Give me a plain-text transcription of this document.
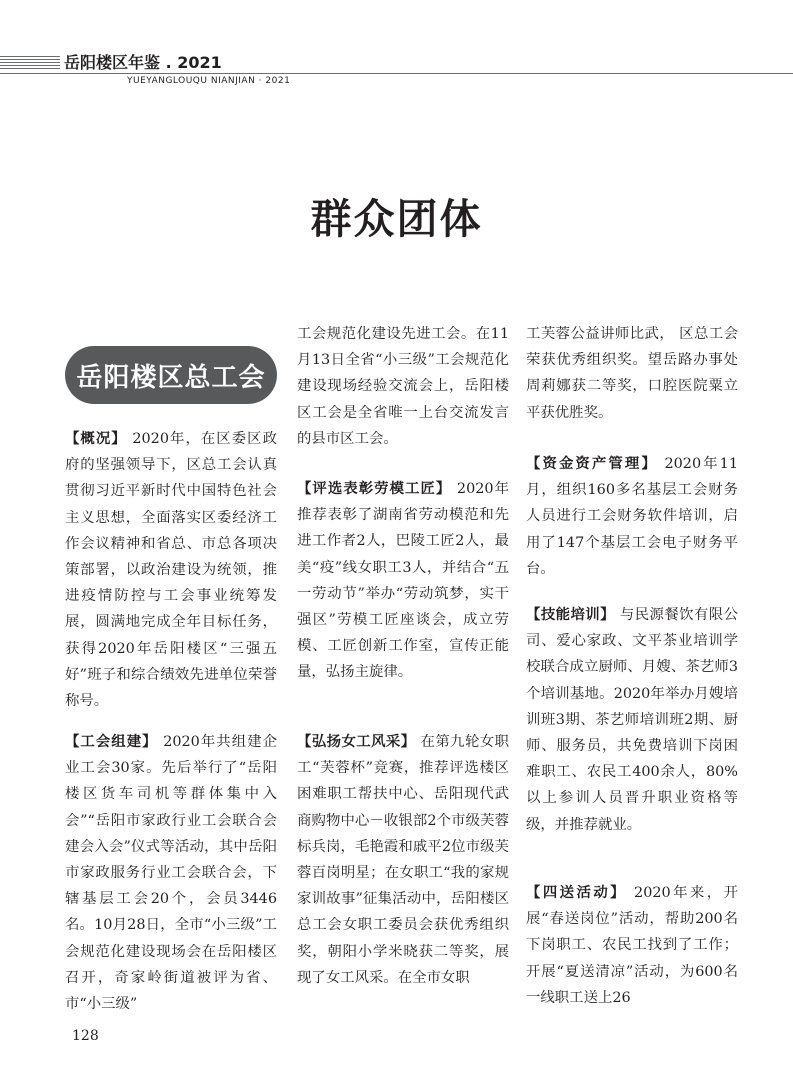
岳阳楼区年鉴 . 2021
YUEYANGLOUQU NIANJIAN · 2021
群众团体
岳阳楼区总工会

【概况】 2020年，在区委区政府的坚强领导下，区总工会认真贯彻习近平新时代中国特色社会主义思想，全面落实区委经济工作会议精神和省总、市总各项决策部署，以政治建设为统领，推进疫情防控与工会事业统筹发展，圆满地完成全年目标任务，获得2020年岳阳楼区“三强五好”班子和综合绩效先进单位荣誉称号。

【工会组建】 2020年共组建企业工会30家。先后举行了“岳阳楼区货车司机等群体集中入会”“岳阳市家政行业工会联合会建会入会”仪式等活动，其中岳阳市家政服务行业工会联合会，下辖基层工会20个，会员3446名。10月28日，全市“小三级”工会规范化建设现场会在岳阳楼区召开，奇家岭街道被评为省、市“小三级”

工会规范化建设先进工会。在11月13日全省“小三级”工会规范化建设现场经验交流会上，岳阳楼区工会是全省唯一上台交流发言的县市区工会。

【评选表彰劳模工匠】 2020年推荐表彰了湖南省劳动模范和先进工作者2人，巴陵工匠2人，最美“疫”线女职工3人，并结合“五一劳动节”举办“劳动筑梦，实干强区”劳模工匠座谈会，成立劳模、工匠创新工作室，宣传正能量，弘扬主旋律。

【弘扬女工风采】 在第九轮女职工“芙蓉杯”竞赛，推荐评选楼区困难职工帮扶中心、岳阳现代武商购物中心－收银部2个市级芙蓉标兵岗，毛艳霞和戚平2位市级芙蓉百岗明星；在女职工“我的家规家训故事”征集活动中，岳阳楼区总工会女职工委员会获优秀组织奖，朝阳小学米晓获二等奖，展现了女工风采。在全市女职

工芙蓉公益讲师比武， 区总工会荣获优秀组织奖。望岳路办事处周莉娜获二等奖，口腔医院粟立平获优胜奖。

【资金资产管理】 2020年11月，组织160多名基层工会财务人员进行工会财务软件培训，启用了147个基层工会电子财务平台。

【技能培训】 与民源餐饮有限公司、爱心家政、文平茶业培训学校联合成立厨师、月嫂、茶艺师3个培训基地。2020年举办月嫂培训班3期、茶艺师培训班2期、厨师、服务员，共免费培训下岗困难职工、农民工400余人，80%以上参训人员晋升职业资格等级，并推荐就业。

【四送活动】 2020年来，开展“春送岗位”活动，帮助200名下岗职工、农民工找到了工作；开展“夏送清凉”活动，为600名一线职工送上26

128
